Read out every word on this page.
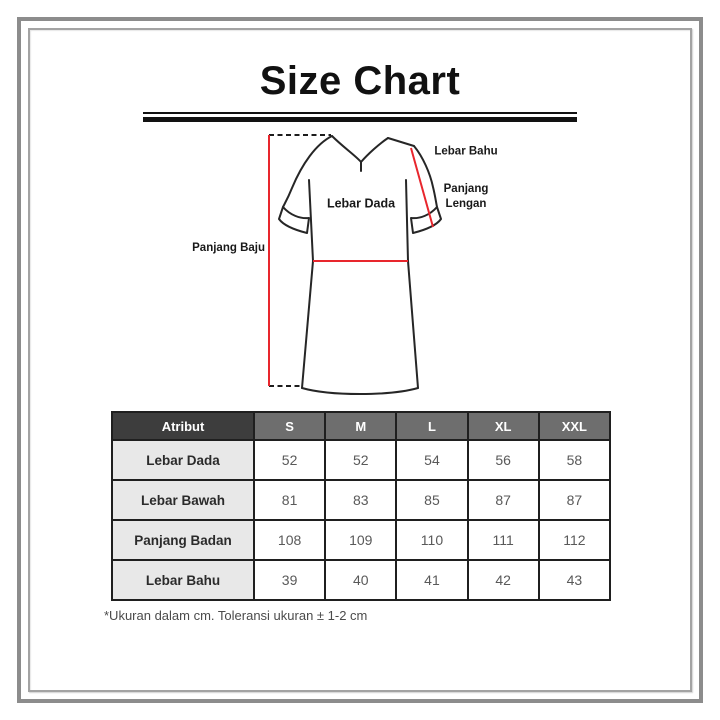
Size Chart
Lebar Dada
Lebar Bahu
Panjang
Lengan
Panjang Baju
Atribut	S	M	L	XL	XXL
Lebar Dada	52	52	54	56	58
Lebar Bawah	81	83	85	87	87
Panjang Badan	108	109	110	111	112
Lebar Bahu	39	40	41	42	43
*Ukuran dalam cm. Toleransi ukuran ± 1-2 cm
